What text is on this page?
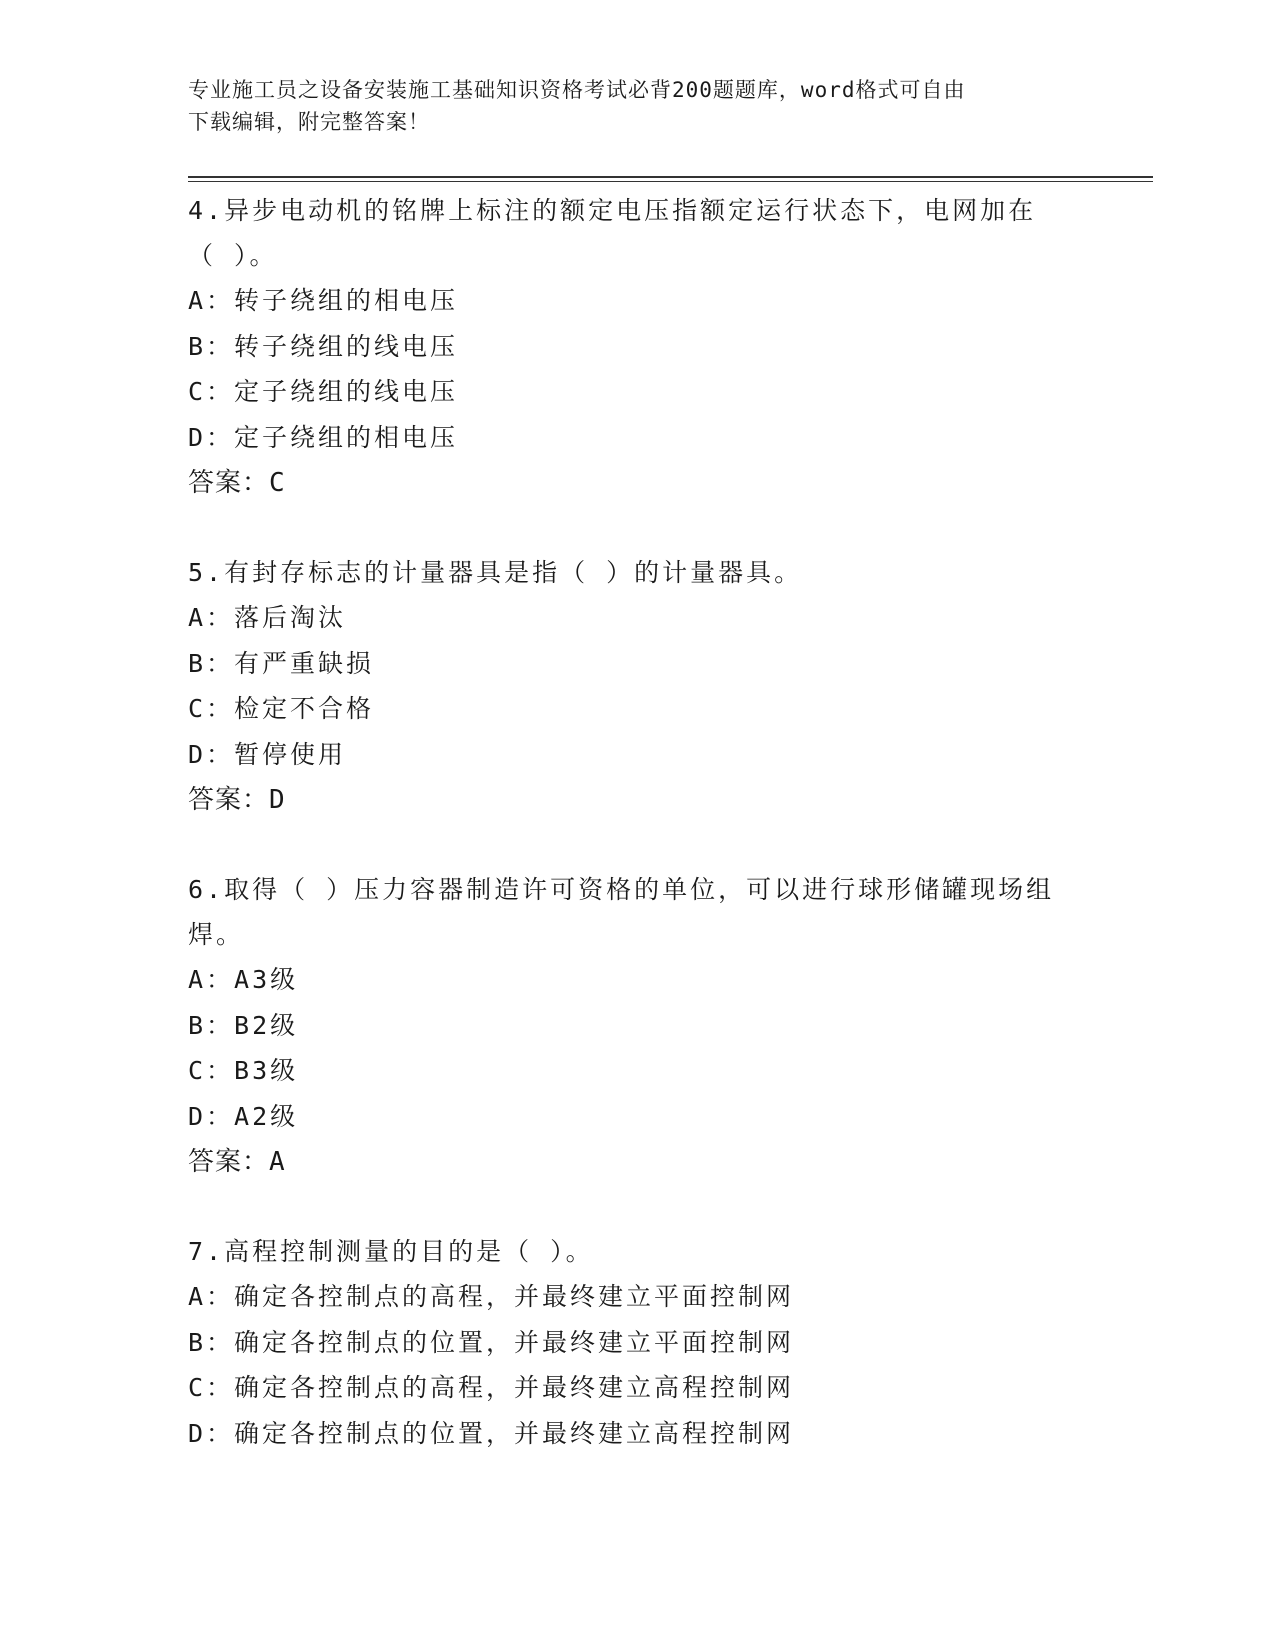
专业施工员之设备安装施工基础知识资格考试必背200题题库，word格式可自由
下载编辑，附完整答案！
4.异步电动机的铭牌上标注的额定电压指额定运行状态下，电网加在
（ ）。
A：转子绕组的相电压
B：转子绕组的线电压
C：定子绕组的线电压
D：定子绕组的相电压
答案：C
5.有封存标志的计量器具是指（ ）的计量器具。
A：落后淘汰
B：有严重缺损
C：检定不合格
D：暂停使用
答案：D
6.取得（ ）压力容器制造许可资格的单位，可以进行球形储罐现场组
焊。
A：A3级
B：B2级
C：B3级
D：A2级
答案：A
7.高程控制测量的目的是（ ）。
A：确定各控制点的高程，并最终建立平面控制网
B：确定各控制点的位置，并最终建立平面控制网
C：确定各控制点的高程，并最终建立高程控制网
D：确定各控制点的位置，并最终建立高程控制网
